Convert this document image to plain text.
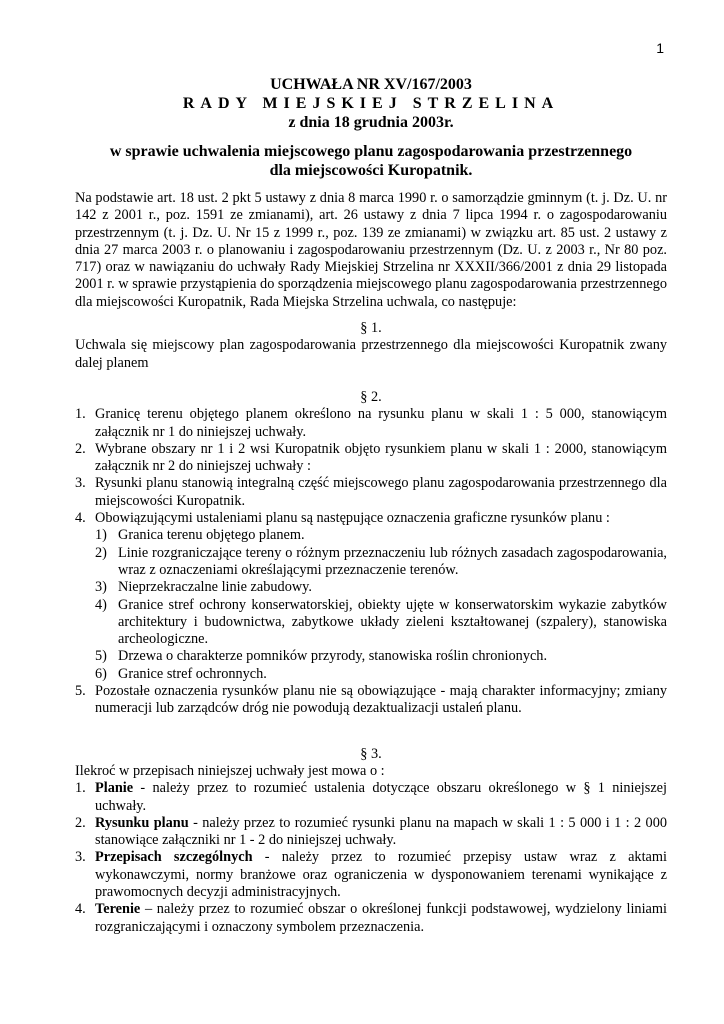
1
UCHWAŁA NR XV/167/2003
RADY MIEJSKIEJ STRZELINA
z dnia 18 grudnia 2003r.
w sprawie uchwalenia miejscowego planu zagospodarowania przestrzennego
dla miejscowości Kuropatnik.

Na podstawie art. 18 ust. 2 pkt 5 ustawy z dnia 8 marca 1990 r. o samorządzie gminnym (t. j. Dz. U. nr 142 z 2001 r., poz. 1591 ze zmianami), art. 26 ustawy z dnia 7 lipca 1994 r. o zagospodarowaniu przestrzennym (t. j. Dz. U. Nr 15 z 1999 r., poz. 139 ze zmianami) w związku art. 85 ust. 2 ustawy z dnia 27 marca 2003 r. o planowaniu i zagospodarowaniu przestrzennym (Dz. U. z 2003 r., Nr 80 poz. 717) oraz w nawiązaniu do uchwały Rady Miejskiej Strzelina nr XXXII/366/2001 z dnia 29 listopada 2001 r. w sprawie przystąpienia do sporządzenia miejscowego planu zagospodarowania przestrzennego dla miejscowości Kuropatnik, Rada Miejska Strzelina uchwala, co następuje:

§ 1.

Uchwala się miejscowy plan zagospodarowania przestrzennego dla miejscowości Kuropatnik zwany dalej planem

§ 2.
1. Granicę terenu objętego planem określono na rysunku planu w skali 1 : 5 000, stanowiącym załącznik nr 1 do niniejszej uchwały.
2. Wybrane obszary nr 1 i 2 wsi Kuropatnik objęto rysunkiem planu w skali 1 : 2000, stanowiącym załącznik nr 2 do niniejszej uchwały :
3. Rysunki planu stanowią integralną część miejscowego planu zagospodarowania przestrzennego dla miejscowości Kuropatnik.
4. Obowiązującymi ustaleniami planu są następujące oznaczenia graficzne rysunków planu :
1) Granica terenu objętego planem.
2) Linie rozgraniczające tereny o różnym przeznaczeniu lub różnych zasadach zagospodarowania, wraz z oznaczeniami określającymi przeznaczenie terenów.
3) Nieprzekraczalne linie zabudowy.
4) Granice stref ochrony konserwatorskiej, obiekty ujęte w konserwatorskim wykazie zabytków architektury i budownictwa, zabytkowe układy zieleni kształtowanej (szpalery), stanowiska archeologiczne.
5) Drzewa o charakterze pomników przyrody, stanowiska roślin chronionych.
6) Granice stref ochronnych.
5. Pozostałe oznaczenia rysunków planu nie są obowiązujące - mają charakter informacyjny; zmiany numeracji lub zarządców dróg nie powodują dezaktualizacji ustaleń planu.
§ 3.

Ilekroć w przepisach niniejszej uchwały jest mowa o :

1. Planie - należy przez to rozumieć ustalenia dotyczące obszaru określonego w § 1 niniejszej uchwały.
2. Rysunku planu - należy przez to rozumieć rysunki planu na mapach w skali 1 : 5 000 i 1 : 2 000 stanowiące załączniki nr 1 - 2 do niniejszej uchwały.
3. Przepisach szczególnych - należy przez to rozumieć przepisy ustaw wraz z aktami wykonawczymi, normy branżowe oraz ograniczenia w dysponowaniem terenami wynikające z prawomocnych decyzji administracyjnych.
4. Terenie – należy przez to rozumieć obszar o określonej funkcji podstawowej, wydzielony liniami rozgraniczającymi i oznaczony symbolem przeznaczenia.
